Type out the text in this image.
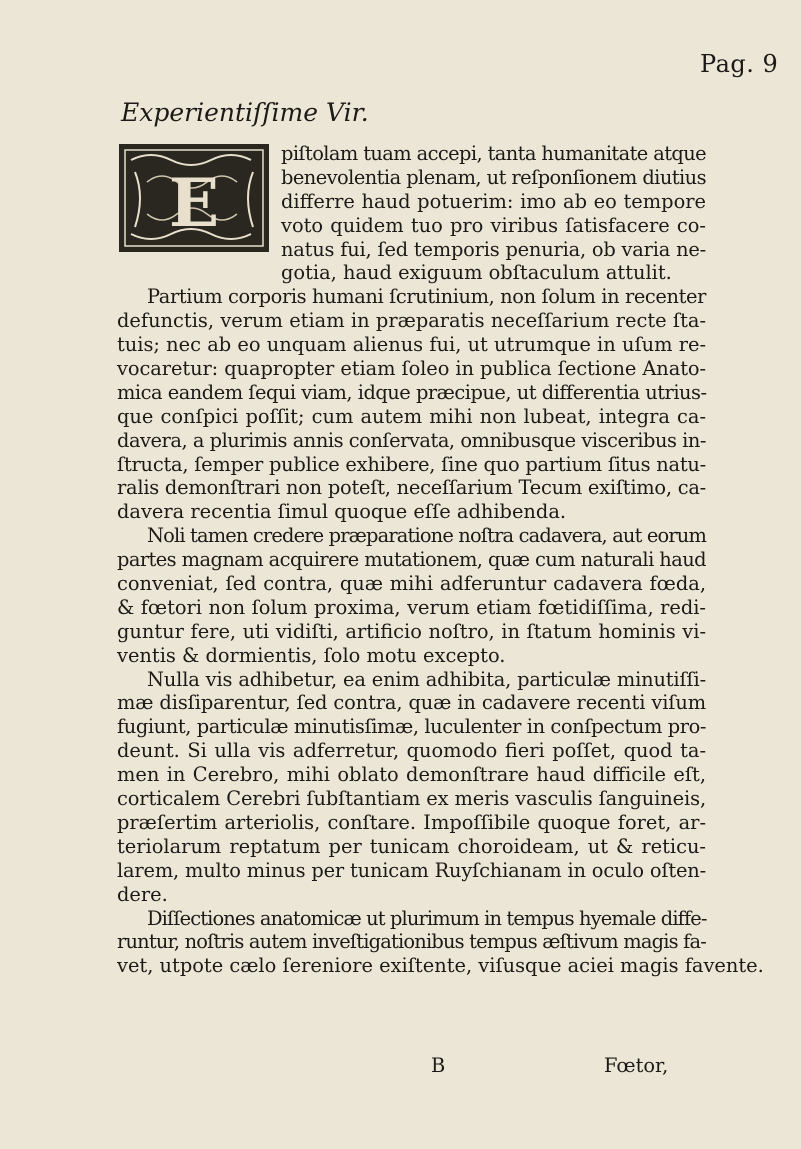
Pag. 9
Experientiſſime Vir.
E
piſtolam tuam accepi, tanta humanitate atque
benevolentia plenam, ut reſponſionem diutius
differre haud potuerim: imo ab eo tempore
voto quidem tuo pro viribus ſatisfacere co-
natus fui, ſed temporis penuria, ob varia ne-
gotia, haud exiguum obſtaculum attulit.
Partium corporis humani ſcrutinium, non ſolum in recenter
defunctis, verum etiam in præparatis neceſſarium recte ſta-
tuis; nec ab eo unquam alienus fui, ut utrumque in uſum re-
vocaretur: quapropter etiam ſoleo in publica ſectione Anato-
mica eandem ſequi viam, idque præcipue, ut differentia utrius-
que conſpici poſſit; cum autem mihi non lubeat, integra ca-
davera, a plurimis annis conſervata, omnibusque visceribus in-
ſtructa, ſemper publice exhibere, ſine quo partium ſitus natu-
ralis demonſtrari non poteſt, neceſſarium Tecum exiſtimo, ca-
davera recentia ſimul quoque eſſe adhibenda.
Noli tamen credere præparatione noſtra cadavera, aut eorum
partes magnam acquirere mutationem, quæ cum naturali haud
conveniat, ſed contra, quæ mihi adferuntur cadavera fœda,
& fœtori non ſolum proxima, verum etiam fœtidiſſima, redi-
guntur fere, uti vidiſti, artificio noſtro, in ſtatum hominis vi-
ventis & dormientis, ſolo motu excepto.
Nulla vis adhibetur, ea enim adhibita, particulæ minutiſſi-
mæ disſiparentur, ſed contra, quæ in cadavere recenti viſum
fugiunt, particulæ minutisſimæ, luculenter in conſpectum pro-
deunt. Si ulla vis adferretur, quomodo fieri poſſet, quod ta-
men in Cerebro, mihi oblato demonſtrare haud difficile eſt,
corticalem Cerebri ſubſtantiam ex meris vasculis ſanguineis,
præſertim arteriolis, conſtare. Impoſſibile quoque foret, ar-
teriolarum reptatum per tunicam choroideam, ut & reticu-
larem, multo minus per tunicam Ruyſchianam in oculo oſten-
dere.
Diſſectiones anatomicæ ut plurimum in tempus hyemale diffe-
runtur, noſtris autem inveſtigationibus tempus æſtivum magis fa-
vet, utpote cælo ſereniore exiſtente, viſusque aciei magis favente.
B	Fœtor,
